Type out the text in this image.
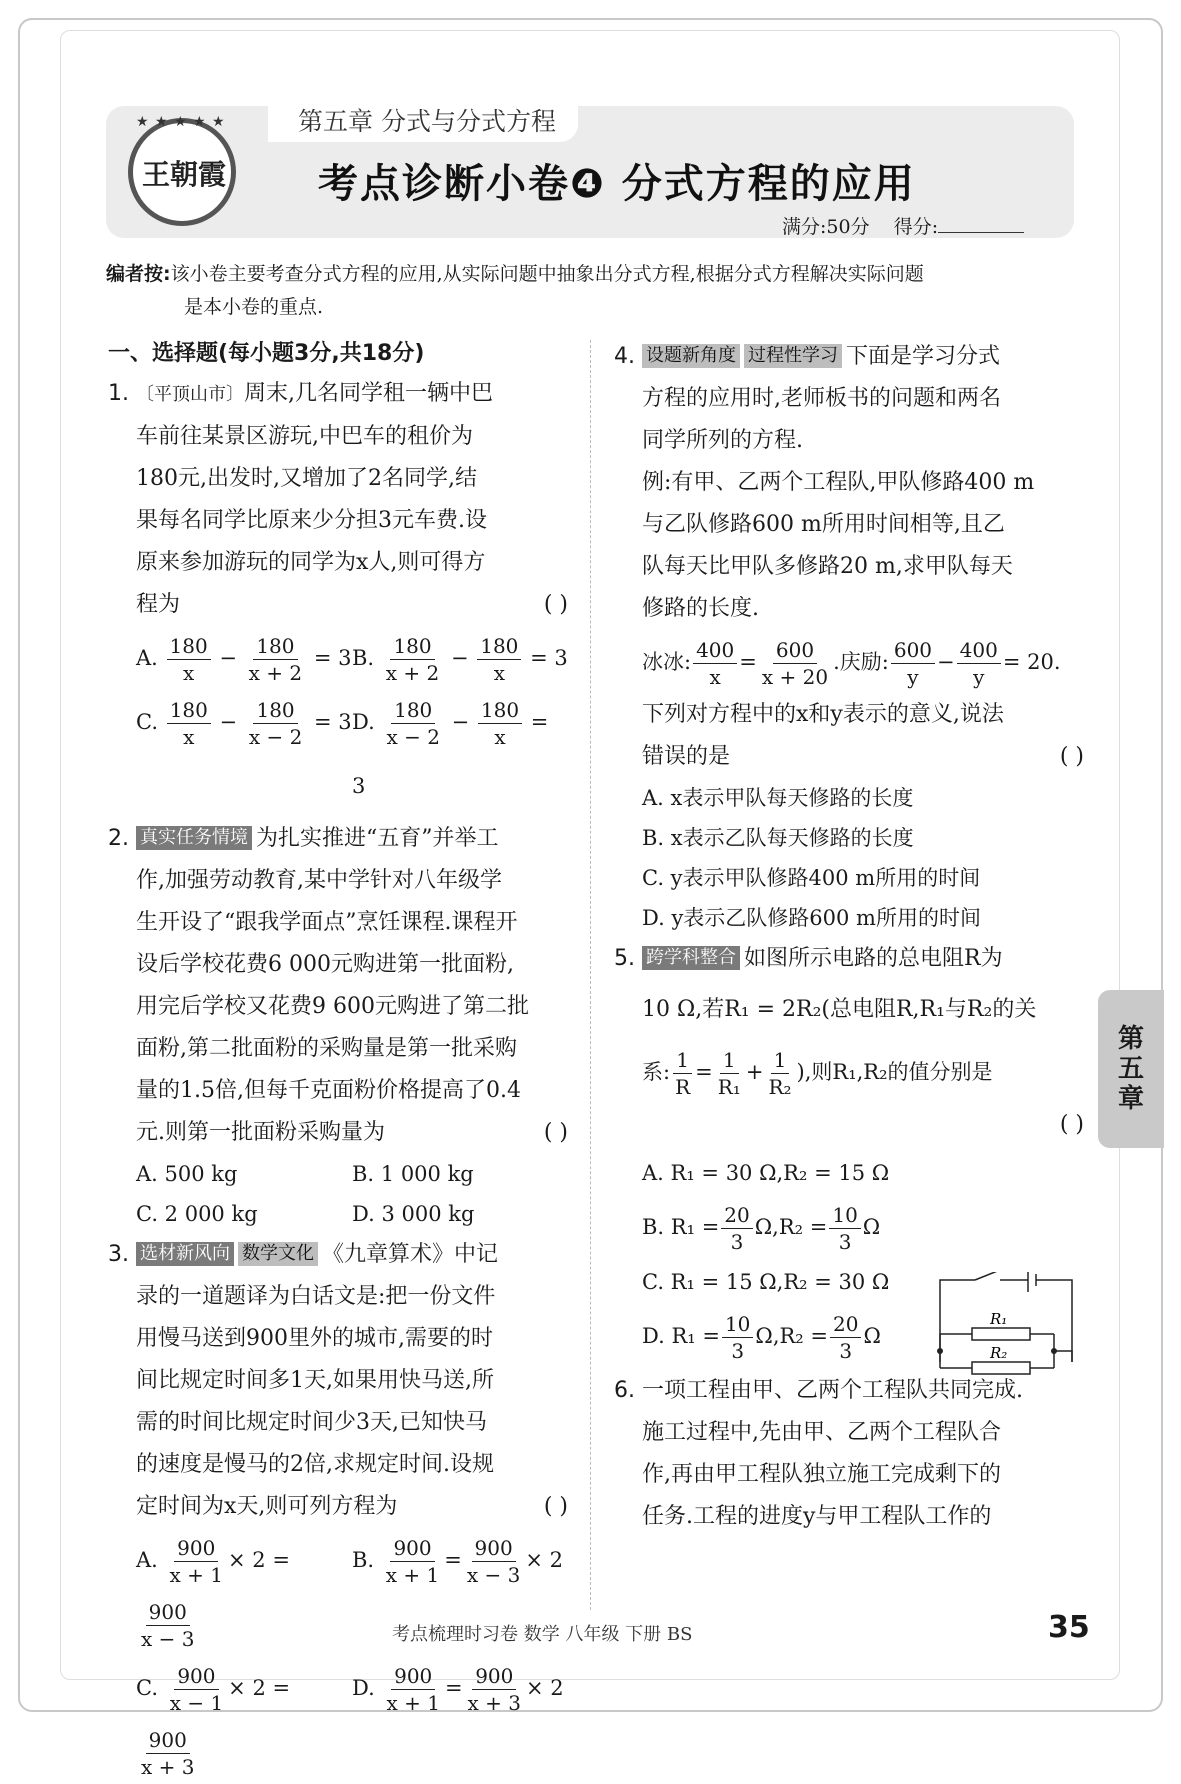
第五章 分式与分式方程
★ ★ ★ ★ ★
王朝霞 考点诊断小卷❹ 分式方程的应用
满分:50分 得分:
编者按:该小卷主要考查分式方程的应用,从实际问题中抽象出分式方程,根据分式方程解决实际问题
是本小卷的重点.
一、选择题(每小题3分,共18分)
1. 〔平顶山市〕周末,几名同学租一辆中巴
车前往某景区游玩,中巴车的租价为
180元,出发时,又增加了2名同学,结
果每名同学比原来少分担3元车费.设
原来参加游玩的同学为x人,则可得方
程为	( )
A. $\frac{180}{x} - \frac{180}{x + 2} = 3$ B. $\frac{180}{x + 2} - \frac{180}{x} = 3$
C. $\frac{180}{x} - \frac{180}{x - 2} = 3$ D. $\frac{180}{x - 2} - \frac{180}{x} = 3$
2. 真实任务情境 为扎实推进“五育”并举工
作,加强劳动教育,某中学针对八年级学
生开设了“跟我学面点”烹饪课程.课程开
设后学校花费6 000元购进第一批面粉,
用完后学校又花费9 600元购进了第二批
面粉,第二批面粉的采购量是第一批采购
量的1.5倍,但每千克面粉价格提高了0.4
元.则第一批面粉采购量为	( )
A. 500 kg	B. 1 000 kg
C. 2 000 kg	D. 3 000 kg
3. 选材新风向 数学文化 《九章算术》中记
录的一道题译为白话文是:把一份文件
用慢马送到900里外的城市,需要的时
间比规定时间多1天,如果用快马送,所
需的时间比规定时间少3天,已知快马
的速度是慢马的2倍,求规定时间.设规
定时间为x天,则可列方程为	( )
A. $\frac{900}{x + 1} \times 2$ =
$\frac{900}{x - 3}$
B. $\frac{900}{x + 1} = \frac{900}{x - 3} \times 2$
C. $\frac{900}{x - 1} \times 2$ =
$\frac{900}{x + 3}$
D. $\frac{900}{x + 1} = \frac{900}{x + 3} \times 2$
4. 设题新角度 过程性学习 下面是学习分式
方程的应用时,老师板书的问题和两名
同学所列的方程.
例:有甲、乙两个工程队,甲队修路400 m
与乙队修路600 m所用时间相等,且乙
队每天比甲队多修路20 m,求甲队每天
修路的长度.
冰冰: $\frac{400}{x} = \frac{600}{x + 20}$ .庆励: $\frac{600}{y} - \frac{400}{y} = 20$.
下列对方程中的x和y表示的意义,说法
错误的是	( )
A. x表示甲队每天修路的长度
B. x表示乙队每天修路的长度
C. y表示甲队修路400 m所用的时间
D. y表示乙队修路600 m所用的时间
5. 跨学科整合 如图所示电路的总电阻R为
10 Ω,若R₁ = 2R₂(总电阻R,R₁与R₂的关
系: $\frac{1}{R} = \frac{1}{\text{R₁}} + \frac{1}{\text{R₂}}$ ),则R₁,R₂的值分别是
( )
A. R₁ = 30 Ω,R₂ = 15 Ω
B. $R_1 = \frac{20}{3} \Omega,R_2 = \frac{10}{3}$ Ω
C. R₁ = 15 Ω,R₂ = 30 Ω
D. $R_1 = \frac{10}{3} \Omega,R_2 = \frac{20}{3}$ Ω
6. 一项工程由甲、乙两个工程队共同完成.
施工过程中,先由甲、乙两个工程队合
作,再由甲工程队独立施工完成剩下的
任务.工程的进度y与甲工程队工作的
R₁
R₂
第
五
章
考点梳理时习卷 数学 八年级 下册 BS	35
